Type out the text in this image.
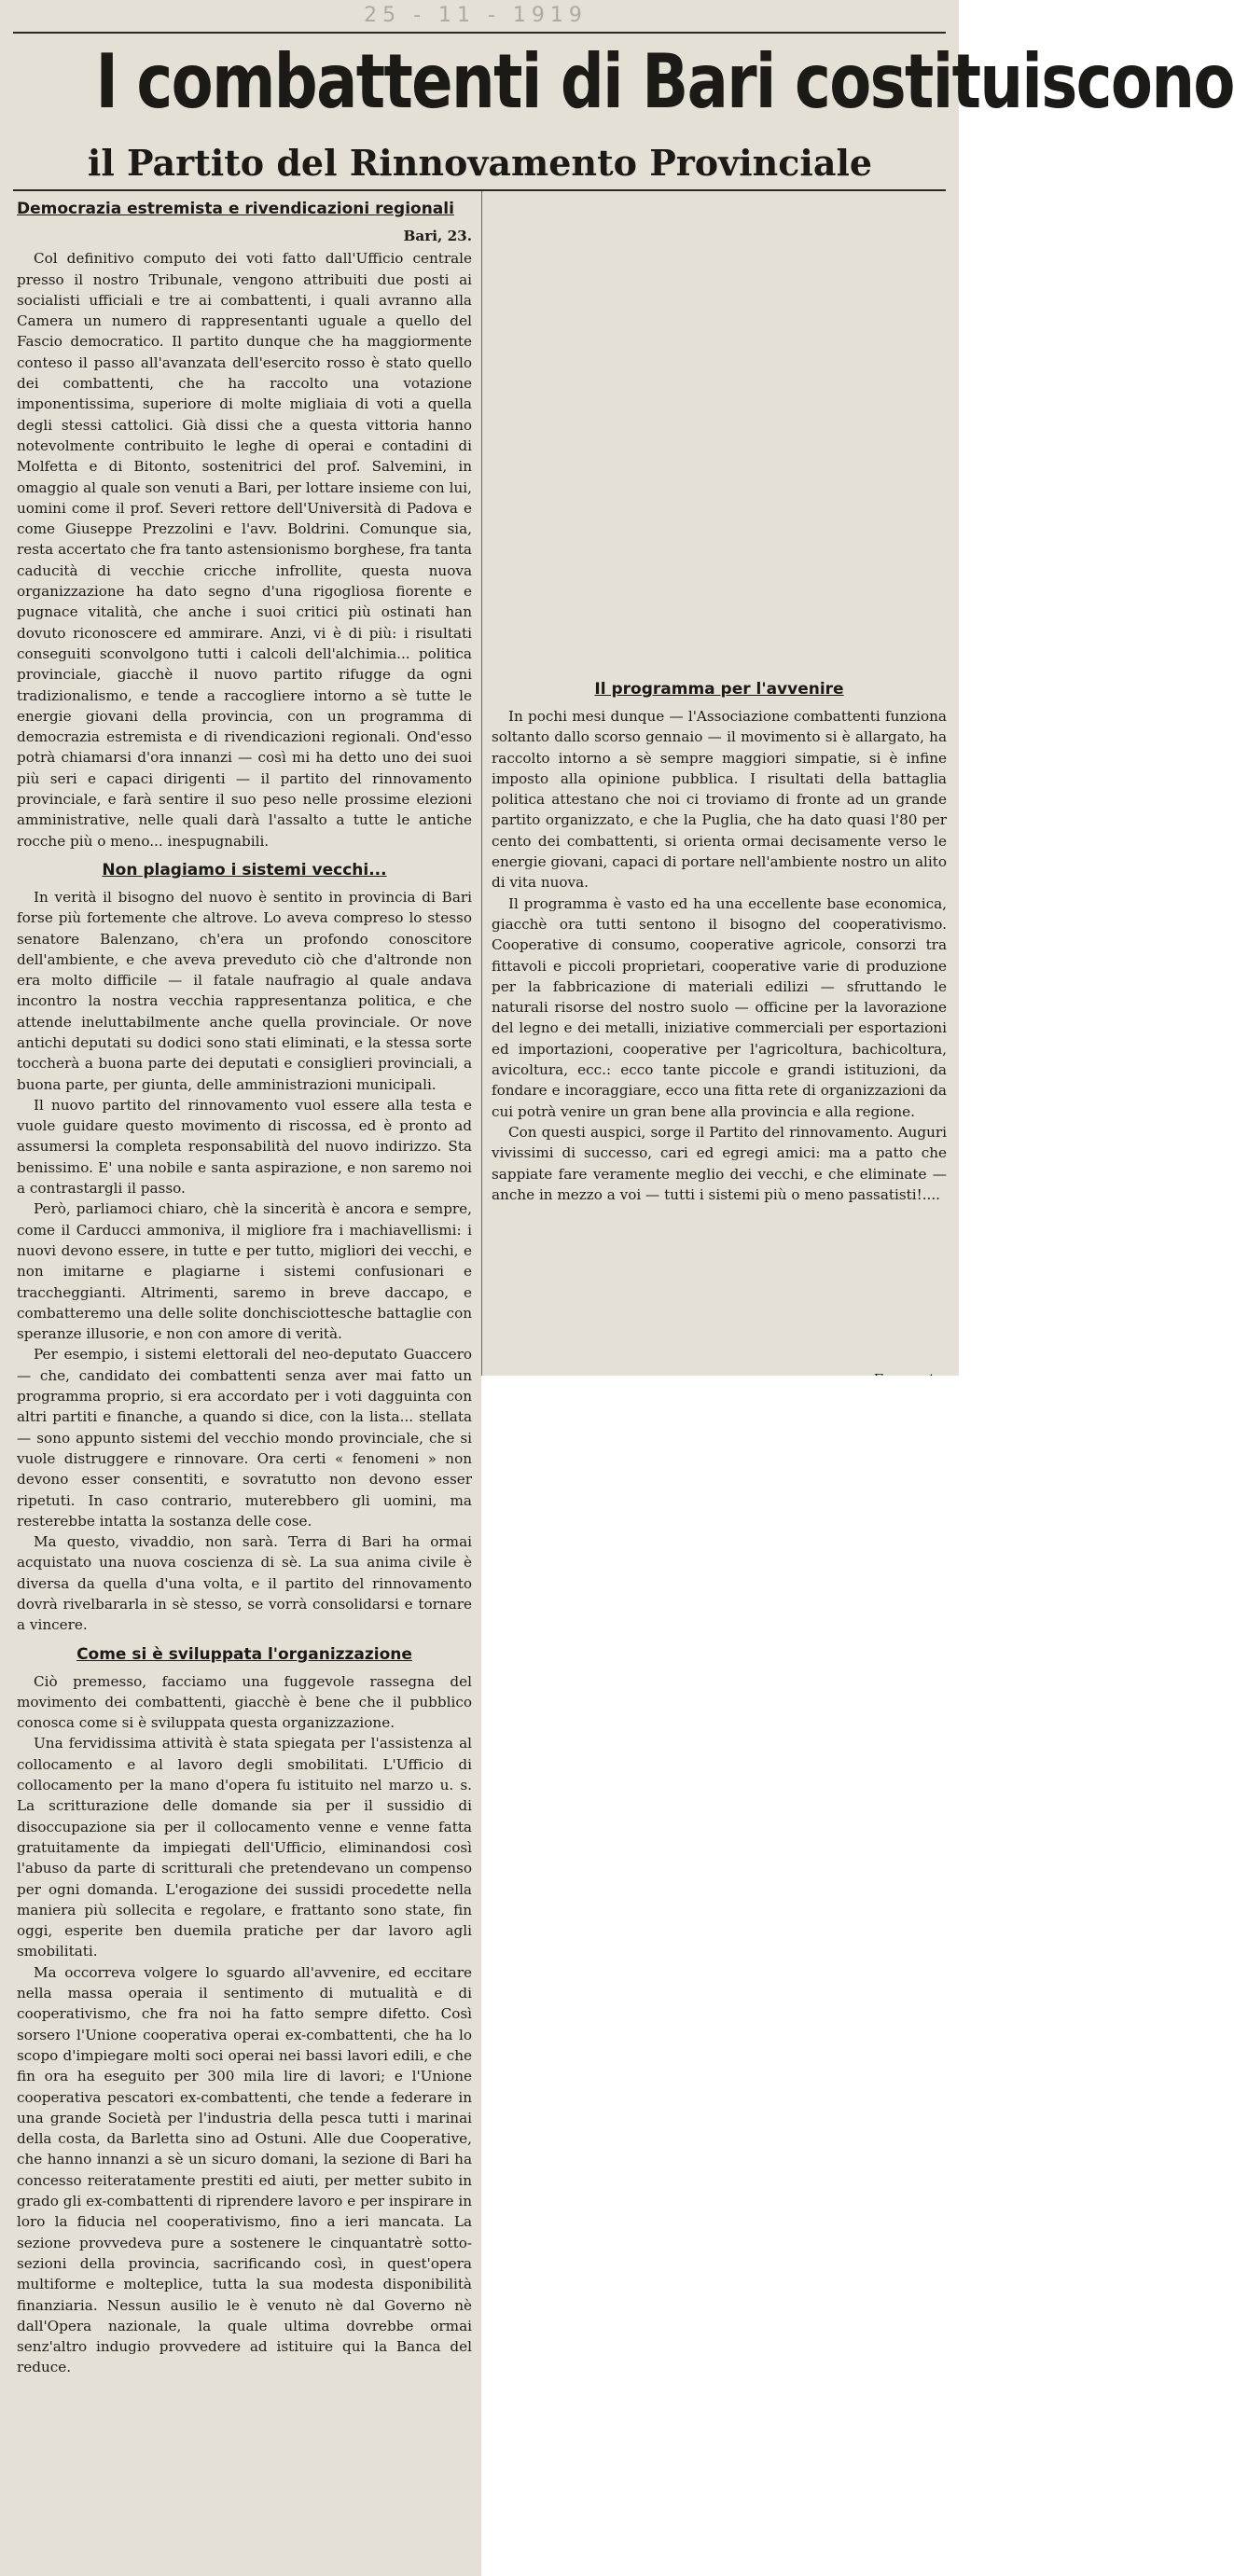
25 - 11 - 1919
I combattenti di Bari costituiscono
il Partito del Rinnovamento Provinciale
Democrazia estremista e rivendicazioni regionali
Bari, 23.

Col definitivo computo dei voti fatto dall'Ufficio centrale presso il nostro Tribunale, vengono attribuiti due posti ai socialisti ufficiali e tre ai combattenti, i quali avranno alla Camera un numero di rappresentanti uguale a quello del Fascio democratico. Il partito dunque che ha maggiormente conteso il passo all'avanzata dell'esercito rosso è stato quello dei combattenti, che ha raccolto una votazione imponentissima, superiore di molte migliaia di voti a quella degli stessi cattolici. Già dissi che a questa vittoria hanno notevolmente contribuito le leghe di operai e contadini di Molfetta e di Bitonto, sostenitrici del prof. Salvemini, in omaggio al quale son venuti a Bari, per lottare insieme con lui, uomini come il prof. Severi rettore dell'Università di Padova e come Giuseppe Prezzolini e l'avv. Boldrini. Comunque sia, resta accertato che fra tanto astensionismo borghese, fra tanta caducità di vecchie cricche infrollite, questa nuova organizzazione ha dato segno d'una rigogliosa fiorente e pugnace vitalità, che anche i suoi critici più ostinati han dovuto riconoscere ed ammirare. Anzi, vi è di più: i risultati conseguiti sconvolgono tutti i calcoli dell'alchimia... politica provinciale, giacchè il nuovo partito rifugge da ogni tradizionalismo, e tende a raccogliere intorno a sè tutte le energie giovani della provincia, con un programma di democrazia estremista e di rivendicazioni regionali. Ond'esso potrà chiamarsi d'ora innanzi — così mi ha detto uno dei suoi più seri e capaci dirigenti — il partito del rinnovamento provinciale, e farà sentire il suo peso nelle prossime elezioni amministrative, nelle quali darà l'assalto a tutte le antiche rocche più o meno... inespugnabili.

Non plagiamo i sistemi vecchi...

In verità il bisogno del nuovo è sentito in provincia di Bari forse più fortemente che altrove. Lo aveva compreso lo stesso senatore Balenzano, ch'era un profondo conoscitore dell'ambiente, e che aveva preveduto ciò che d'altronde non era molto difficile — il fatale naufragio al quale andava incontro la nostra vecchia rappresentanza politica, e che attende ineluttabilmente anche quella provinciale. Or nove antichi deputati su dodici sono stati eliminati, e la stessa sorte toccherà a buona parte dei deputati e consiglieri provinciali, a buona parte, per giunta, delle amministrazioni municipali.

Il nuovo partito del rinnovamento vuol essere alla testa e vuole guidare questo movimento di riscossa, ed è pronto ad assumersi la completa responsabilità del nuovo indirizzo. Sta benissimo. E' una nobile e santa aspirazione, e non saremo noi a contrastargli il passo.

Però, parliamoci chiaro, chè la sincerità è ancora e sempre, come il Carducci ammoniva, il migliore fra i machiavellismi: i nuovi devono essere, in tutte e per tutto, migliori dei vecchi, e non imitarne e plagiarne i sistemi confusionari e traccheggianti. Altrimenti, saremo in breve daccapo, e combatteremo una delle solite donchisciottesche battaglie con speranze illusorie, e non con amore di verità.

Per esempio, i sistemi elettorali del neo-deputato Guaccero — che, candidato dei combattenti senza aver mai fatto un programma proprio, si era accordato per i voti dagguinta con altri partiti e finanche, a quando si dice, con la lista... stellata — sono appunto sistemi del vecchio mondo provinciale, che si vuole distruggere e rinnovare. Ora certi « fenomeni » non devono esser consentiti, e sovratutto non devono esser ripetuti. In caso contrario, muterebbero gli uomini, ma resterebbe intatta la sostanza delle cose.

Ma questo, vivaddio, non sarà. Terra di Bari ha ormai acquistato una nuova coscienza di sè. La sua anima civile è diversa da quella d'una volta, e il partito del rinnovamento dovrà rivelbararla in sè stesso, se vorrà consolidarsi e tornare a vincere.

Come si è sviluppata l'organizzazione

Ciò premesso, facciamo una fuggevole rassegna del movimento dei combattenti, giacchè è bene che il pubblico conosca come si è sviluppata questa organizzazione.

Una fervidissima attività è stata spiegata per l'assistenza al collocamento e al lavoro degli smobilitati. L'Ufficio di collocamento per la mano d'opera fu istituito nel marzo u. s. La scritturazione delle domande sia per il sussidio di disoccupazione sia per il collocamento venne e venne fatta gratuitamente da impiegati dell'Ufficio, eliminandosi così l'abuso da parte di scritturali che pretendevano un compenso per ogni domanda. L'erogazione dei sussidi procedette nella maniera più sollecita e regolare, e frattanto sono state, fin oggi, esperite ben duemila pratiche per dar lavoro agli smobilitati.

Ma occorreva volgere lo sguardo all'avvenire, ed eccitare nella massa operaia il sentimento di mutualità e di cooperativismo, che fra noi ha fatto sempre difetto. Così sorsero l'Unione cooperativa operai ex-combattenti, che ha lo scopo d'impiegare molti soci operai nei bassi lavori edili, e che fin ora ha eseguito per 300 mila lire di lavori; e l'Unione cooperativa pescatori ex-combattenti, che tende a federare in una grande Società per l'industria della pesca tutti i marinai della costa, da Barletta sino ad Ostuni. Alle due Cooperative, che hanno innanzi a sè un sicuro domani, la sezione di Bari ha concesso reiteratamente prestiti ed aiuti, per metter subito in grado gli ex-combattenti di riprendere lavoro e per inspirare in loro la fiducia nel cooperativismo, fino a ieri mancata. La sezione provvedeva pure a sostenere le cinquantatrè sotto-sezioni della provincia, sacrificando così, in quest'opera multiforme e molteplice, tutta la sua modesta disponibilità finanziaria. Nessun ausilio le è venuto nè dal Governo nè dall'Opera nazionale, la quale ultima dovrebbe ormai senz'altro indugio provvedere ad istituire qui la Banca del reduce.

Il programma per l'avvenire

In pochi mesi dunque — l'Associazione combattenti funziona soltanto dallo scorso gennaio — il movimento si è allargato, ha raccolto intorno a sè sempre maggiori simpatie, si è infine imposto alla opinione pubblica. I risultati della battaglia politica attestano che noi ci troviamo di fronte ad un grande partito organizzato, e che la Puglia, che ha dato quasi l'80 per cento dei combattenti, si orienta ormai decisamente verso le energie giovani, capaci di portare nell'ambiente nostro un alito di vita nuova.

Il programma è vasto ed ha una eccellente base economica, giacchè ora tutti sentono il bisogno del cooperativismo. Cooperative di consumo, cooperative agricole, consorzi tra fittavoli e piccoli proprietari, cooperative varie di produzione per la fabbricazione di materiali edilizi — sfruttando le naturali risorse del nostro suolo — officine per la lavorazione del legno e dei metalli, iniziative commerciali per esportazioni ed importazioni, cooperative per l'agricoltura, bachicoltura, avicoltura, ecc.: ecco tante piccole e grandi istituzioni, da fondare e incoraggiare, ecco una fitta rete di organizzazioni da cui potrà venire un gran bene alla provincia e alla regione.

Con questi auspici, sorge il Partito del rinnovamento. Auguri vivissimi di successo, cari ed egregi amici: ma a patto che sappiate fare veramente meglio dei vecchi, e che eliminate — anche in mezzo a voi — tutti i sistemi più o meno passatisti!....
